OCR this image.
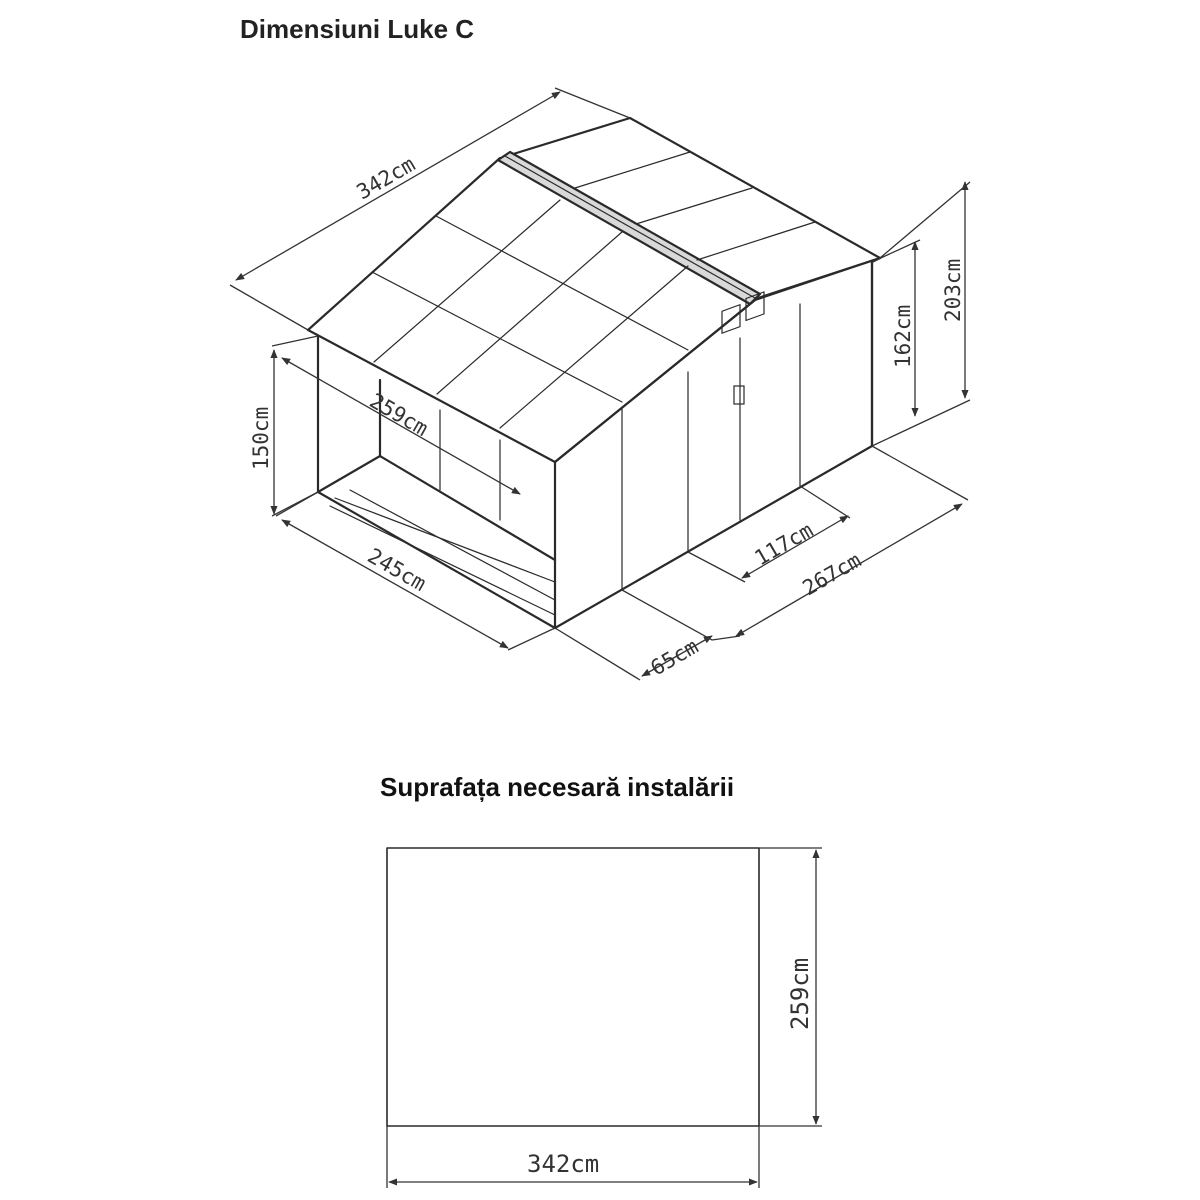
Dimensiuni Luke C
Suprafața necesară instalării
342cm
203cm
162cm
150cm	259cm
245cm	117cm
267cm
65cm
259cm
342cm
